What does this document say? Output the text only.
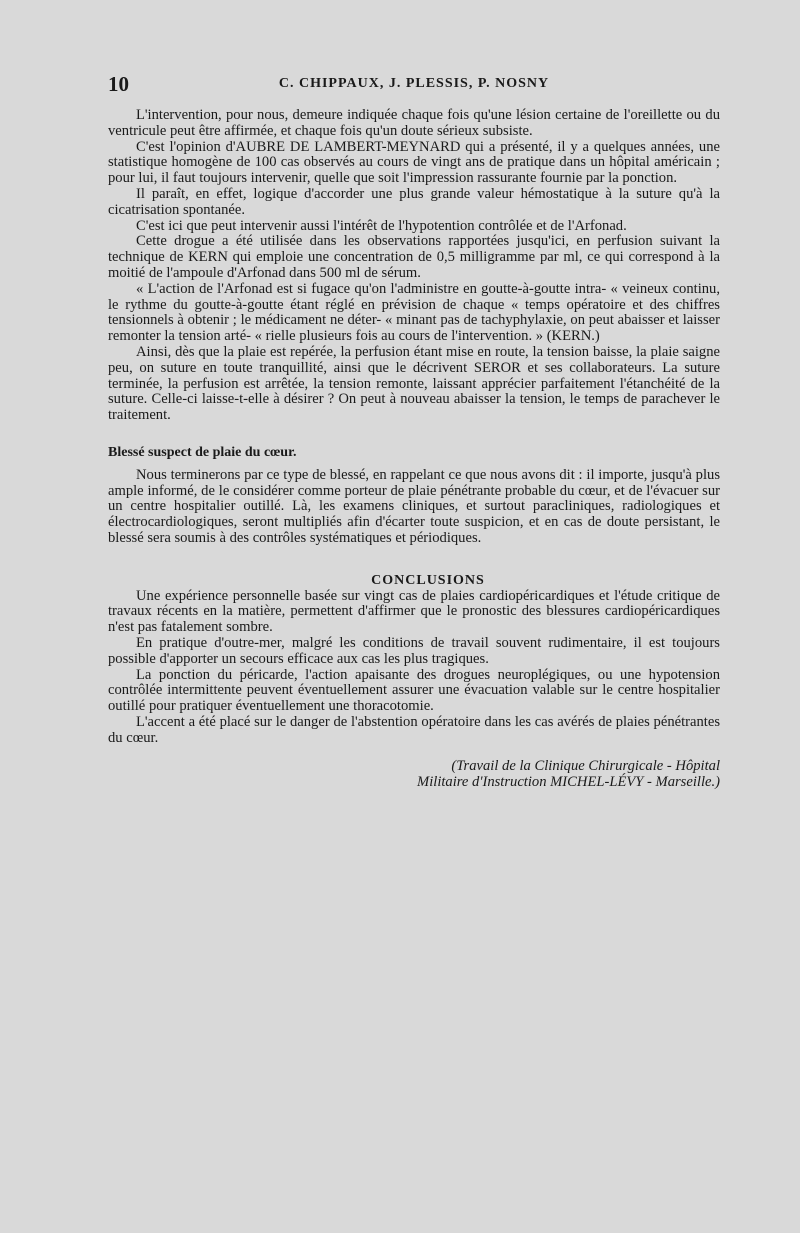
10	C. CHIPPAUX, J. PLESSIS, P. NOSNY

L'intervention, pour nous, demeure indiquée chaque fois qu'une lésion certaine de l'oreillette ou du ventricule peut être affirmée, et chaque fois qu'un doute sérieux subsiste.

C'est l'opinion d'AUBRE DE LAMBERT-MEYNARD qui a présenté, il y a quelques années, une statistique homogène de 100 cas observés au cours de vingt ans de pratique dans un hôpital américain ; pour lui, il faut toujours intervenir, quelle que soit l'impression rassurante fournie par la ponction.

Il paraît, en effet, logique d'accorder une plus grande valeur hémostatique à la suture qu'à la cicatrisation spontanée.

C'est ici que peut intervenir aussi l'intérêt de l'hypotention contrôlée et de l'Arfonad.

Cette drogue a été utilisée dans les observations rapportées jusqu'ici, en perfusion suivant la technique de KERN qui emploie une concentration de 0,5 milligramme par ml, ce qui correspond à la moitié de l'ampoule d'Arfonad dans 500 ml de sérum.

« L'action de l'Arfonad est si fugace qu'on l'administre en goutte-à-goutte intra- « veineux continu, le rythme du goutte-à-goutte étant réglé en prévision de chaque « temps opératoire et des chiffres tensionnels à obtenir ; le médicament ne déter- « minant pas de tachyphylaxie, on peut abaisser et laisser remonter la tension arté- « rielle plusieurs fois au cours de l'intervention. » (KERN.)

Ainsi, dès que la plaie est repérée, la perfusion étant mise en route, la tension baisse, la plaie saigne peu, on suture en toute tranquillité, ainsi que le décrivent SEROR et ses collaborateurs. La suture terminée, la perfusion est arrêtée, la tension remonte, laissant apprécier parfaitement l'étanchéité de la suture. Celle-ci laisse-t-elle à désirer ? On peut à nouveau abaisser la tension, le temps de parachever le traitement.

Blessé suspect de plaie du cœur.

Nous terminerons par ce type de blessé, en rappelant ce que nous avons dit : il importe, jusqu'à plus ample informé, de le considérer comme porteur de plaie pénétrante probable du cœur, et de l'évacuer sur un centre hospitalier outillé. Là, les examens cliniques, et surtout paracliniques, radiologiques et électrocardiologiques, seront multipliés afin d'écarter toute suspicion, et en cas de doute persistant, le blessé sera soumis à des contrôles systématiques et périodiques.

CONCLUSIONS

Une expérience personnelle basée sur vingt cas de plaies cardiopéricardiques et l'étude critique de travaux récents en la matière, permettent d'affirmer que le pronostic des blessures cardiopéricardiques n'est pas fatalement sombre.

En pratique d'outre-mer, malgré les conditions de travail souvent rudimentaire, il est toujours possible d'apporter un secours efficace aux cas les plus tragiques.

La ponction du péricarde, l'action apaisante des drogues neuroplégiques, ou une hypotension contrôlée intermittente peuvent éventuellement assurer une évacuation valable sur le centre hospitalier outillé pour pratiquer éventuellement une thoracotomie.

L'accent a été placé sur le danger de l'abstention opératoire dans les cas avérés de plaies pénétrantes du cœur.

(Travail de la Clinique Chirurgicale - Hôpital
Militaire d'Instruction MICHEL-LÉVY - Marseille.)
